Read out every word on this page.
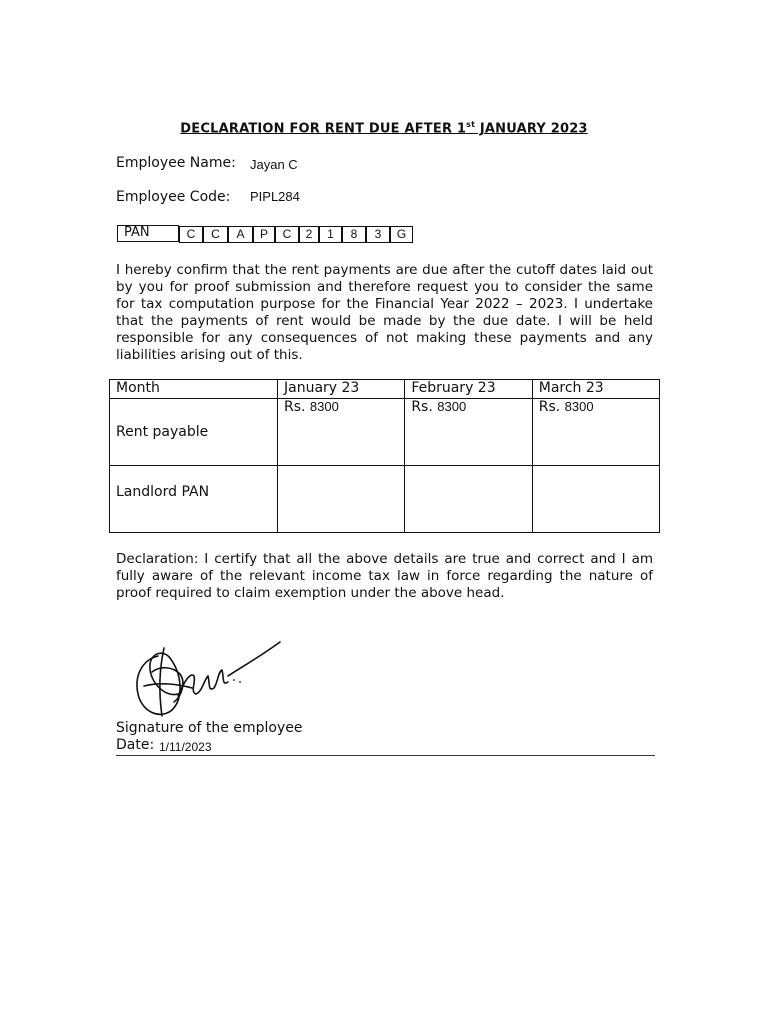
DECLARATION FOR RENT DUE AFTER 1st JANUARY 2023
Employee Name: Jayan C
Employee Code: PIPL284
PAN	C	C	A	P	C	2	1	8	3	G
I hereby confirm that the rent payments are due after the cutoff dates laid out by you for proof submission and therefore request you to consider the same for tax computation purpose for the Financial Year 2022 – 2023. I undertake that the payments of rent would be made by the due date. I will be held responsible for any consequences of not making these payments and any liabilities arising out of this.
Month	January 23	February 23	March 23
Rent payable	Rs. 8300	Rs. 8300	Rs. 8300
Landlord PAN			
Declaration: I certify that all the above details are true and correct and I am fully aware of the relevant income tax law in force regarding the nature of proof required to claim exemption under the above head.
Signature of the employee
Date: 1/11/2023
